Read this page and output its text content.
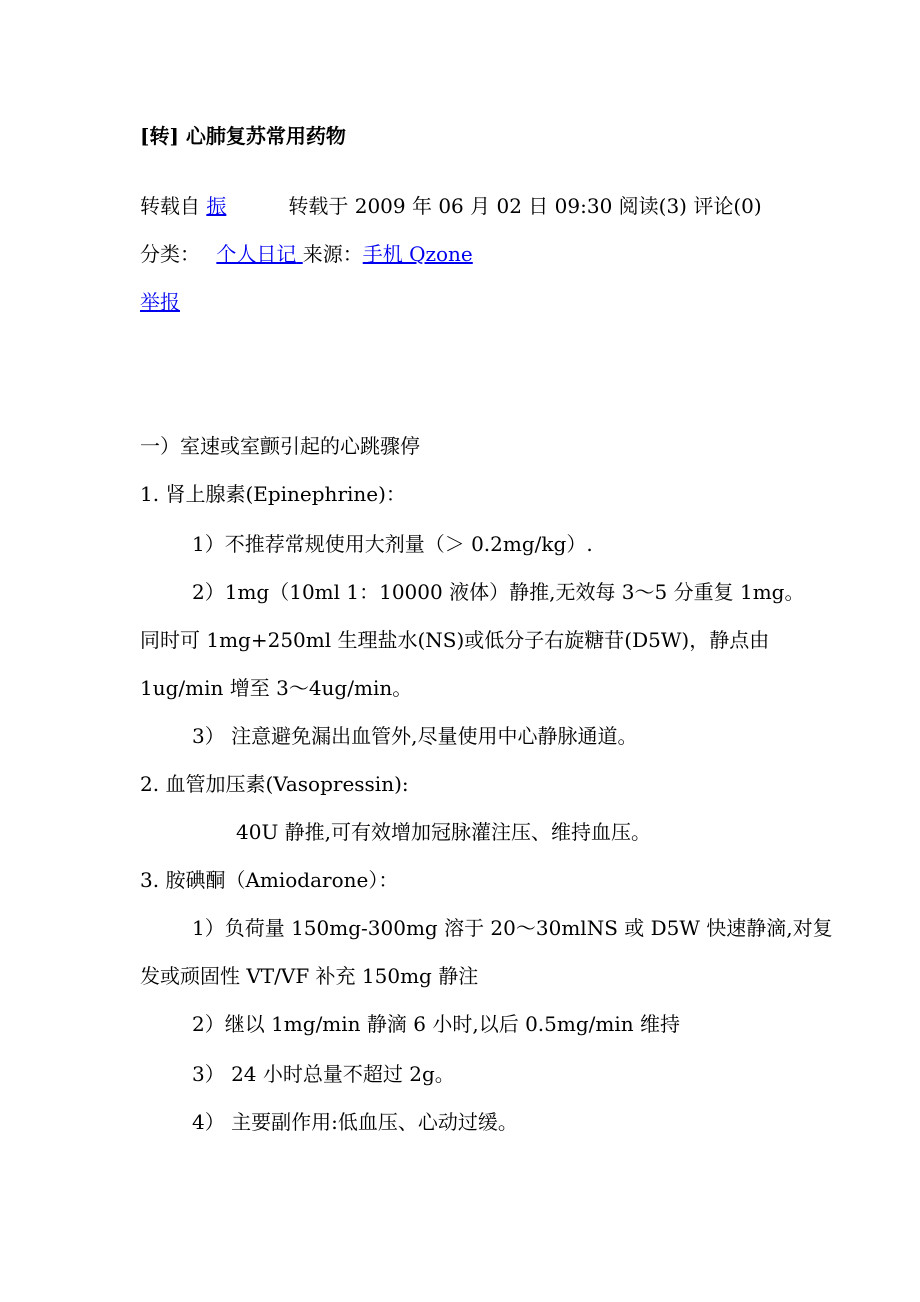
[转] 心肺复苏常用药物
转载自 振	转载于 2009 年 06 月 02 日 09:30 阅读(3) 评论(0)
分类： 个人日记 来源：手机 Qzone
举报
一）室速或室颤引起的心跳骤停
1. 肾上腺素(Epinephrine)：
1）不推荐常规使用大剂量（＞ 0.2mg/kg）.
2）1mg（10ml 1：10000 液体）静推,无效每 3～5 分重复 1mg。
同时可 1mg+250ml 生理盐水(NS)或低分子右旋糖苷(D5W)，静点由
1ug/min 增至 3～4ug/min。
3） 注意避免漏出血管外,尽量使用中心静脉通道。
2. 血管加压素(Vasopressin):
40U 静推,可有效增加冠脉灌注压、维持血压。
3. 胺碘酮（Amiodarone）：
1）负荷量 150mg-300mg 溶于 20～30mlNS 或 D5W 快速静滴,对复
发或顽固性 VT/VF 补充 150mg 静注
2）继以 1mg/min 静滴 6 小时,以后 0.5mg/min 维持
3） 24 小时总量不超过 2g。
4） 主要副作用:低血压、心动过缓。
